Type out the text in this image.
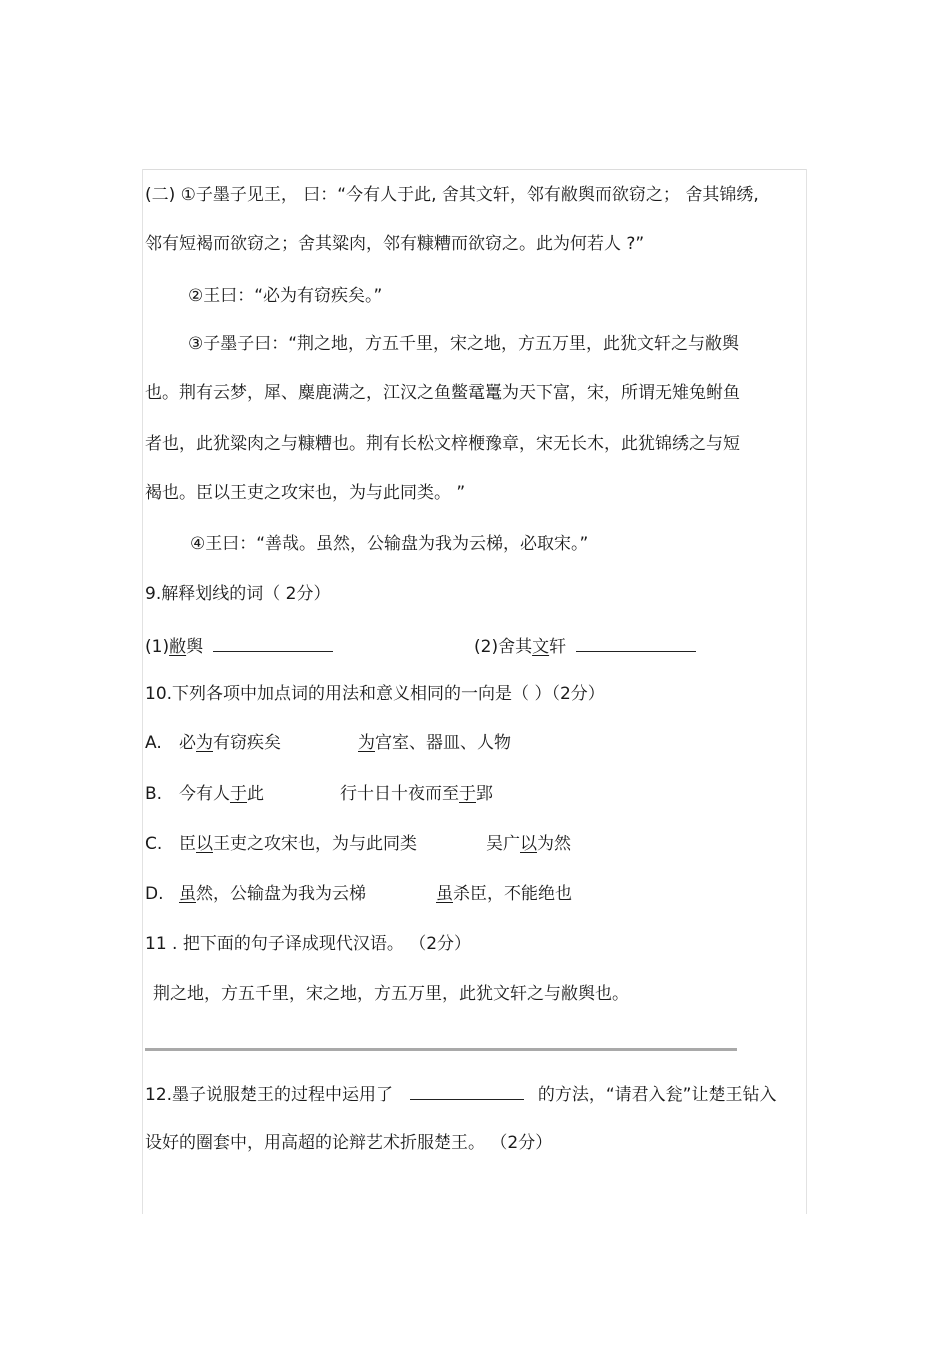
(二) ①子墨子见王， 曰：“今有人于此, 舍其文轩，邻有敝舆而欲窃之； 舍其锦绣,
邻有短褐而欲窃之；舍其粱肉，邻有糠糟而欲窃之。此为何若人 ?”
②王曰：“必为有窃疾矣。”
③子墨子曰：“荆之地，方五千里，宋之地，方五万里，此犹文轩之与敝舆
也。荆有云梦，犀、麋鹿满之，江汉之鱼鳖鼋鼍为天下富，宋，所谓无雉兔鲋鱼
者也，此犹粱肉之与糠糟也。荆有长松文梓楩豫章，宋无长木，此犹锦绣之与短
褐也。臣以王吏之攻宋也，为与此同类。 ”
④王曰：“善哉。虽然，公输盘为我为云梯，必取宋。”
9.解释划线的词（ 2分）
(1)敝舆	(2)舍其文轩
10.下列各项中加点词的用法和意义相同的一向是（ ）（2分）
A. 必为有窃疾矣	为宫室、器皿、人物
B. 今有人于此	行十日十夜而至于郢
C. 臣以王吏之攻宋也，为与此同类	吴广以为然
D. 虽然，公输盘为我为云梯	虽杀臣，不能绝也
11 . 把下面的句子译成现代汉语。 （2分）
荆之地，方五千里，宋之地，方五万里，此犹文轩之与敝舆也。
12.墨子说服楚王的过程中运用了	的方法，“请君入瓮”让楚王钻入
设好的圈套中，用高超的论辩艺术折服楚王。 （2分）
